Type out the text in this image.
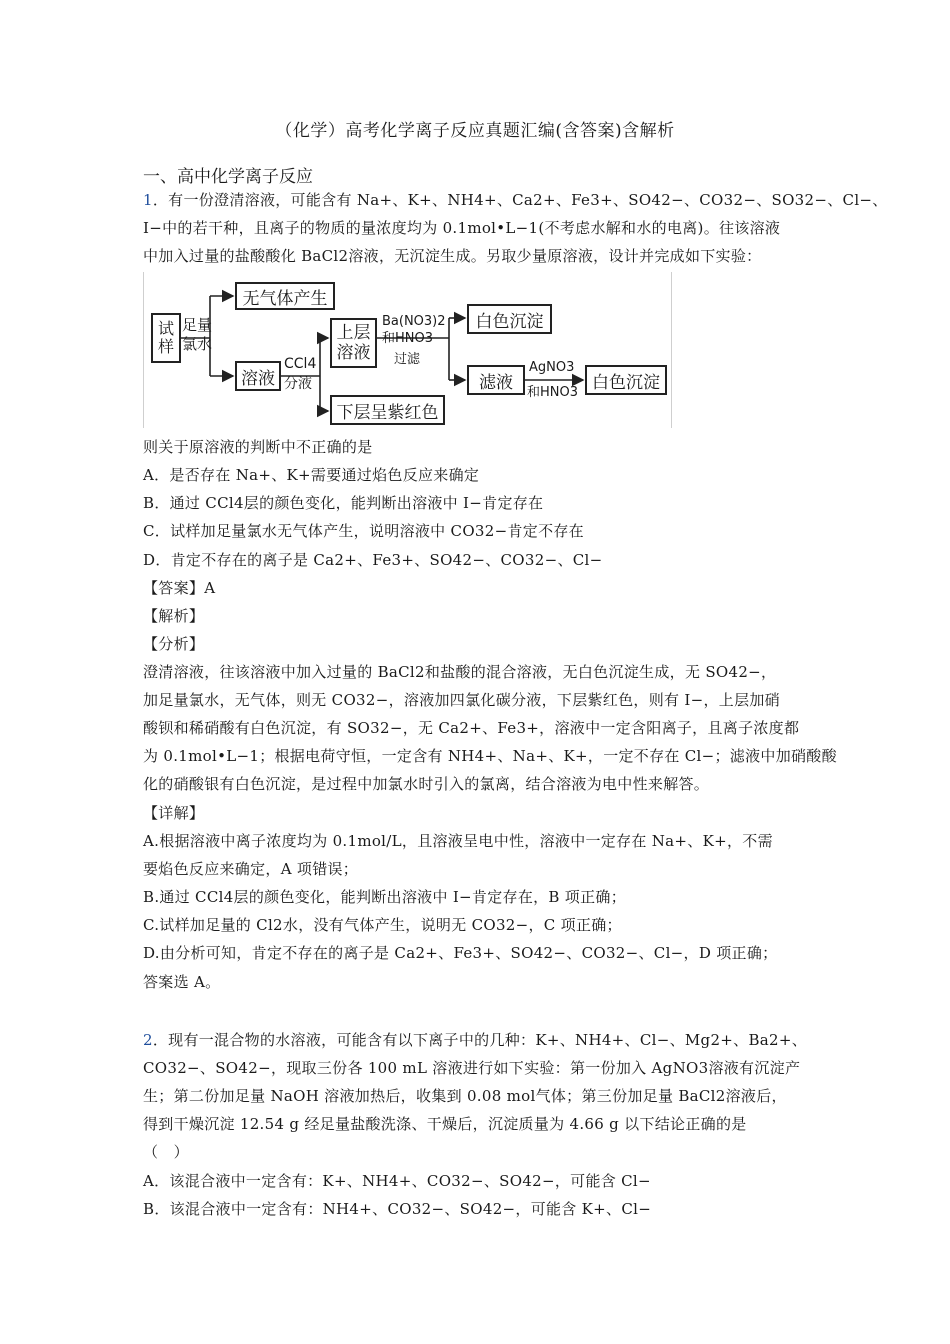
（化学）高考化学离子反应真题汇编(含答案)含解析
一、高中化学离子反应
1．有一份澄清溶液，可能含有 Na+、K+、NH4+、Ca2+、Fe3+、SO42−、CO32−、SO32−、Cl−、
I−中的若干种，且离子的物质的量浓度均为 0.1mol•L−1(不考虑水解和水的电离)。往该溶液
中加入过量的盐酸酸化 BaCl2溶液，无沉淀生成。另取少量原溶液，设计并完成如下实验：
试样
足量
氯水
无气体产生
溶液
CCl4
分液
上层
溶液
下层呈紫红色
Ba(NO3)2
和HNO3
过滤
白色沉淀
滤液
AgNO3
和HNO3 白色沉淀
则关于原溶液的判断中不正确的是
A．是否存在 Na+、K+需要通过焰色反应来确定
B．通过 CCl4层的颜色变化，能判断出溶液中 I−肯定存在
C．试样加足量氯水无气体产生，说明溶液中 CO32−肯定不存在
D．肯定不存在的离子是 Ca2+、Fe3+、SO42−、CO32−、Cl−
【答案】A
【解析】
【分析】
澄清溶液，往该溶液中加入过量的 BaCl2和盐酸的混合溶液，无白色沉淀生成，无 SO42−，
加足量氯水，无气体，则无 CO32−，溶液加四氯化碳分液，下层紫红色，则有 I−，上层加硝
酸钡和稀硝酸有白色沉淀，有 SO32−，无 Ca2+、Fe3+，溶液中一定含阳离子，且离子浓度都
为 0.1mol•L−1；根据电荷守恒，一定含有 NH4+、Na+、K+，一定不存在 Cl−；滤液中加硝酸酸
化的硝酸银有白色沉淀，是过程中加氯水时引入的氯离，结合溶液为电中性来解答。
【详解】
A.根据溶液中离子浓度均为 0.1mol/L，且溶液呈电中性，溶液中一定存在 Na+、K+，不需
要焰色反应来确定，A 项错误；
B.通过 CCl4层的颜色变化，能判断出溶液中 I−肯定存在，B 项正确；
C.试样加足量的 Cl2水，没有气体产生，说明无 CO32−，C 项正确；
D.由分析可知，肯定不存在的离子是 Ca2+、Fe3+、SO42−、CO32−、Cl−，D 项正确；
答案选 A。
2．现有一混合物的水溶液，可能含有以下离子中的几种：K+、NH4+、Cl−、Mg2+、Ba2+、
CO32−、SO42−，现取三份各 100 mL 溶液进行如下实验：第一份加入 AgNO3溶液有沉淀产
生；第二份加足量 NaOH 溶液加热后，收集到 0.08 mol气体；第三份加足量 BaCl2溶液后，
得到干燥沉淀 12.54 g 经足量盐酸洗涤、干燥后，沉淀质量为 4.66 g 以下结论正确的是
（　）
A．该混合液中一定含有：K+、NH4+、CO32−、SO42−，可能含 Cl−
B．该混合液中一定含有：NH4+、CO32−、SO42−，可能含 K+、Cl−
